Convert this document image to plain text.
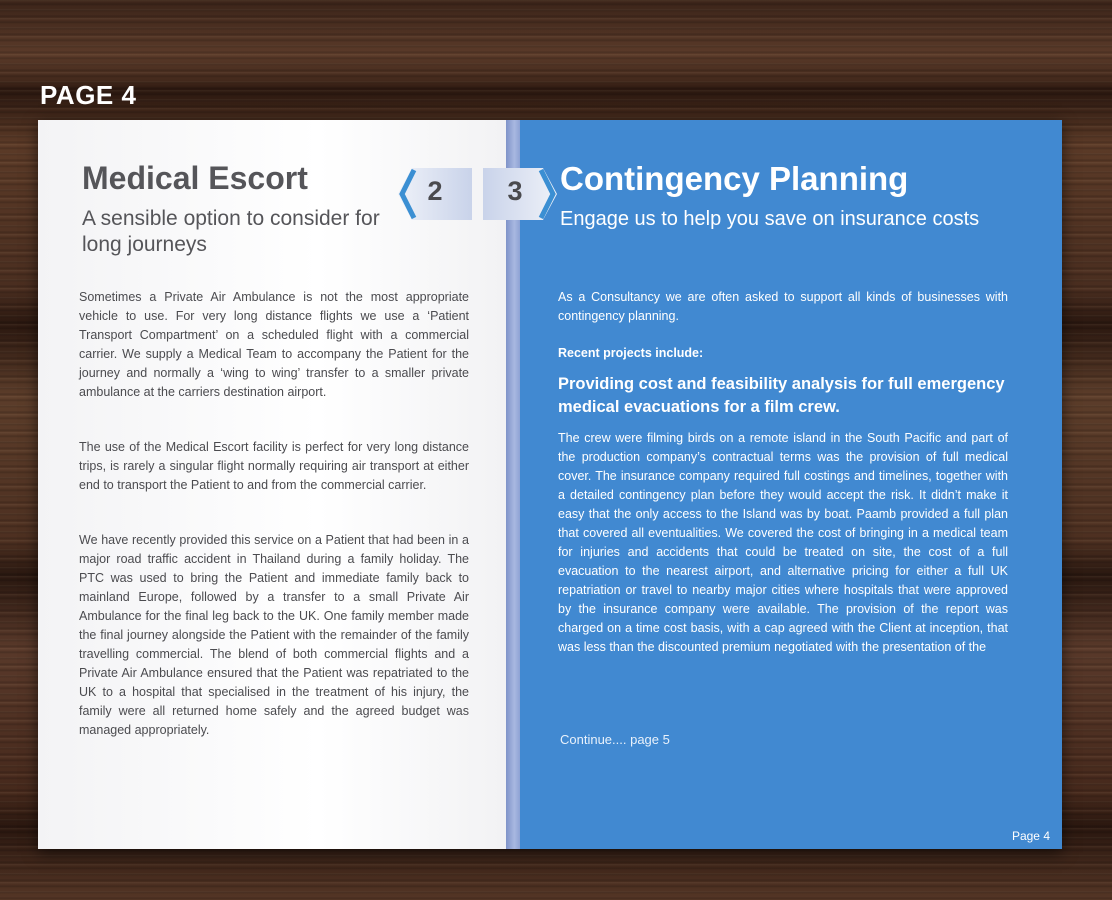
PAGE 4
Medical Escort
A sensible option to consider for long journeys

Sometimes a Private Air Ambulance is not the most appropriate vehicle to use. For very long distance flights we use a ‘Patient Transport Compartment’ on a scheduled flight with a commercial carrier. We supply a Medical Team to accompany the Patient for the journey and normally a ‘wing to wing’ transfer to a smaller private ambulance at the carriers destination airport.

The use of the Medical Escort facility is perfect for very long distance trips, is rarely a singular flight normally requiring air transport at either end to transport the Patient to and from the commercial carrier.

We have recently provided this service on a Patient that had been in a major road traffic accident in Thailand during a family holiday. The PTC was used to bring the Patient and immediate family back to mainland Europe, followed by a transfer to a small Private Air Ambulance for the final leg back to the UK. One family member made the final journey alongside the Patient with the remainder of the family travelling commercial. The blend of both commercial flights and a Private Air Ambulance ensured that the Patient was repatriated to the UK to a hospital that specialised in the treatment of his injury, the family were all returned home safely and the agreed budget was managed appropriately.

2	Contingency Planning
Engage us to help you save on insurance costs

As a Consultancy we are often asked to support all kinds of businesses with contingency planning.

Recent projects include:

Providing cost and feasibility analysis for full emergency medical evacuations for a film crew.

The crew were filming birds on a remote island in the South Pacific and part of the production company’s contractual terms was the provision of full medical cover. The insurance company required full costings and timelines, together with a detailed contingency plan before they would accept the risk. It didn’t make it easy that the only access to the Island was by boat. Paamb provided a full plan that covered all eventualities. We covered the cost of bringing in a medical team for injuries and accidents that could be treated on site, the cost of a full evacuation to the nearest airport, and alternative pricing for either a full UK repatriation or travel to nearby major cities where hospitals that were approved by the insurance company were available. The provision of the report was charged on a time cost basis, with a cap agreed with the Client at inception, that was less than the discounted premium negotiated with the presentation of the

Continue.... page 5
Page 4
3
